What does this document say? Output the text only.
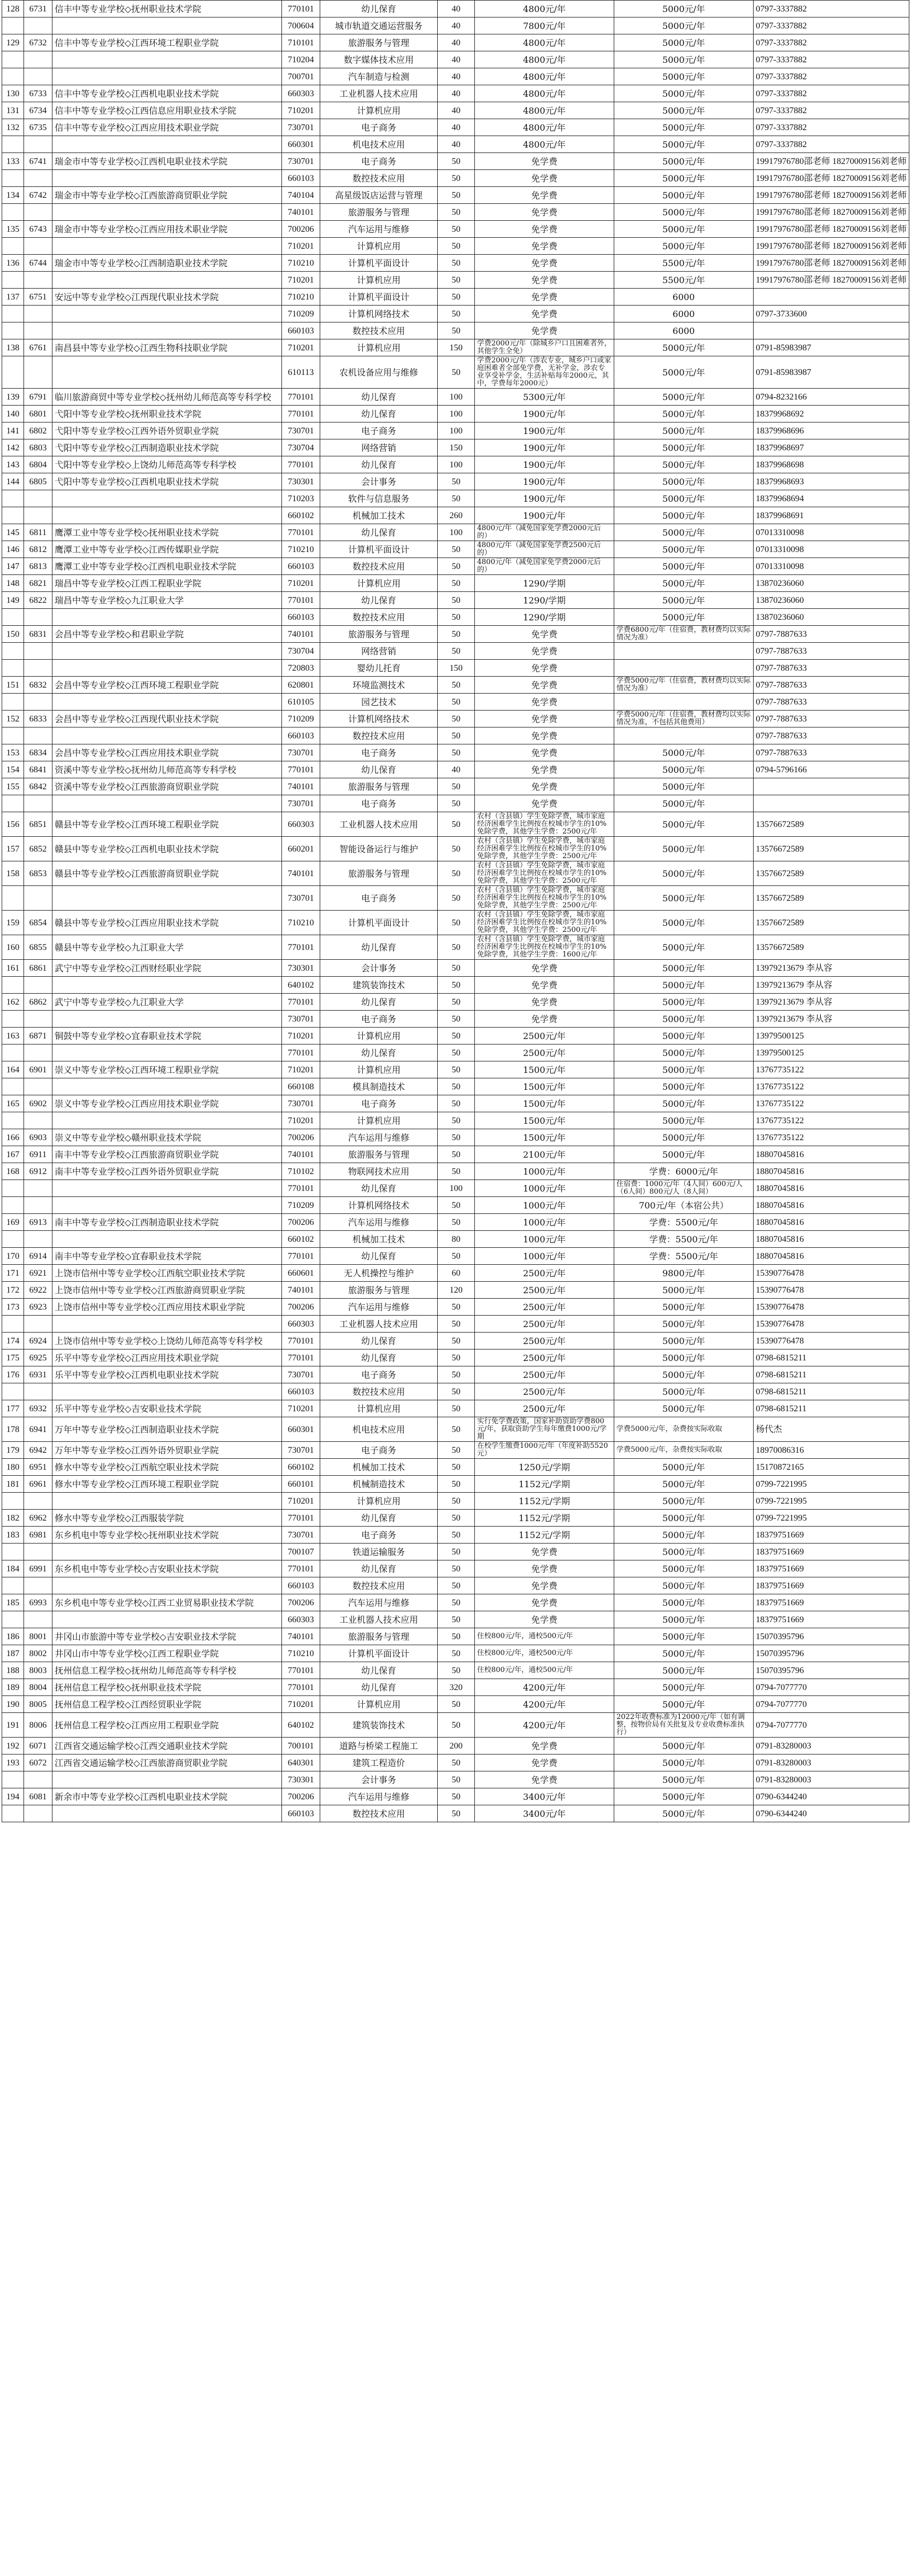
128	6731	信丰中等专业学校◇抚州职业技术学院	770101	幼儿保育	40	4800元/年	5000元/年	0797-3337882
			700604	城市轨道交通运营服务	40	7800元/年	5000元/年	0797-3337882
129	6732	信丰中等专业学校◇江西环境工程职业学院	710101	旅游服务与管理	40	4800元/年	5000元/年	0797-3337882
			710204	数字媒体技术应用	40	4800元/年	5000元/年	0797-3337882
			700701	汽车制造与检测	40	4800元/年	5000元/年	0797-3337882
130	6733	信丰中等专业学校◇江西机电职业技术学院	660303	工业机器人技术应用	40	4800元/年	5000元/年	0797-3337882
131	6734	信丰中等专业学校◇江西信息应用职业技术学院	710201	计算机应用	40	4800元/年	5000元/年	0797-3337882
132	6735	信丰中等专业学校◇江西应用技术职业学院	730701	电子商务	40	4800元/年	5000元/年	0797-3337882
			660301	机电技术应用	40	4800元/年	5000元/年	0797-3337882
133	6741	瑞金市中等专业学校◇江西机电职业技术学院	730701	电子商务	50	免学费	5000元/年	19917976780邵老师 18270009156刘老师
			660103	数控技术应用	50	免学费	5000元/年	19917976780邵老师 18270009156刘老师
134	6742	瑞金市中等专业学校◇江西旅游商贸职业学院	740104	高星级饭店运营与管理	50	免学费	5000元/年	19917976780邵老师 18270009156刘老师
			740101	旅游服务与管理	50	免学费	5000元/年	19917976780邵老师 18270009156刘老师
135	6743	瑞金市中等专业学校◇江西应用技术职业学院	700206	汽车运用与维修	50	免学费	5000元/年	19917976780邵老师 18270009156刘老师
			710201	计算机应用	50	免学费	5000元/年	19917976780邵老师 18270009156刘老师
136	6744	瑞金市中等专业学校◇江西制造职业技术学院	710210	计算机平面设计	50	免学费	5500元/年	19917976780邵老师 18270009156刘老师
			710201	计算机应用	50	免学费	5500元/年	19917976780邵老师 18270009156刘老师
137	6751	安远中等专业学校◇江西现代职业技术学院	710210	计算机平面设计	50	免学费	6000	
			710209	计算机网络技术	50	免学费	6000	0797-3733600
			660103	数控技术应用	50	免学费	6000	
138	6761	南昌县中等专业学校◇江西生物科技职业学院	710201	计算机应用	150	学费2000元/年（除城乡户口且困难者外，其他学生全免）	5000元/年	0791-85983987
			610113	农机设备应用与维修	50	学费2000元/年（涉农专业，城乡户口或家庭困难者全部免学费，无补学金，涉农专业享受补学金，生活补贴每年2000元，其中，学费每年2000元）	5000元/年	0791-85983987
139	6791	临川旅游商贸中等专业学校◇抚州幼儿师范高等专科学校	770101	幼儿保育	100	5300元/年	5000元/年	0794-8232166
140	6801	弋阳中等专业学校◇抚州职业技术学院	770101	幼儿保育	100	1900元/年	5000元/年	18379968692
141	6802	弋阳中等专业学校◇江西外语外贸职业学院	730701	电子商务	100	1900元/年	5000元/年	18379968696
142	6803	弋阳中等专业学校◇江西制造职业技术学院	730704	网络营销	150	1900元/年	5000元/年	18379968697
143	6804	弋阳中等专业学校◇上饶幼儿师范高等专科学校	770101	幼儿保育	100	1900元/年	5000元/年	18379968698
144	6805	弋阳中等专业学校◇江西机电职业技术学院	730301	会计事务	50	1900元/年	5000元/年	18379968693
			710203	软件与信息服务	50	1900元/年	5000元/年	18379968694
			660102	机械加工技术	260	1900元/年	5000元/年	18379968691
145	6811	鹰潭工业中等专业学校◇抚州职业技术学院	770101	幼儿保育	100	4800元/年（减免国家免学费2000元后的）	5000元/年	07013310098
146	6812	鹰潭工业中等专业学校◇江西传媒职业学院	710210	计算机平面设计	50	4800元/年（减免国家免学费2500元后的）	5000元/年	07013310098
147	6813	鹰潭工业中等专业学校◇江西机电职业技术学院	660103	数控技术应用	50	4800元/年（减免国家免学费2000元后的）	5000元/年	07013310098
148	6821	瑞昌中等专业学校◇江西工程职业学院	710201	计算机应用	50	1290/学期	5000元/年	13870236060
149	6822	瑞昌中等专业学校◇九江职业大学	770101	幼儿保育	50	1290/学期	5000元/年	13870236060
			660103	数控技术应用	50	1290/学期	5000元/年	13870236060
150	6831	会昌中等专业学校◇和君职业学院	740101	旅游服务与管理	50	免学费	学费6800元/年（住宿费，教材费均以实际情况为准）	0797-7887633
			730704	网络营销	50	免学费		0797-7887633
			720803	婴幼儿托育	150	免学费		0797-7887633
151	6832	会昌中等专业学校◇江西环境工程职业学院	620801	环境监测技术	50	免学费	学费5000元/年（住宿费，教材费均以实际情况为准）	0797-7887633
			610105	园艺技术	50	免学费		0797-7887633
152	6833	会昌中等专业学校◇江西现代职业技术学院	710209	计算机网络技术	50	免学费	学费5000元/年（住宿费，教材费均以实际情况为准，不包括其他费用）	0797-7887633
			660103	数控技术应用	50	免学费		0797-7887633
153	6834	会昌中等专业学校◇江西应用技术职业学院	730701	电子商务	50	免学费	5000元/年	0797-7887633
154	6841	资溪中等专业学校◇抚州幼儿师范高等专科学校	770101	幼儿保育	40	免学费	5000元/年	0794-5796166
155	6842	资溪中等专业学校◇江西旅游商贸职业学院	740101	旅游服务与管理	50	免学费	5000元/年	
			730701	电子商务	50	免学费	5000元/年	
156	6851	赣县中等专业学校◇江西环境工程职业学院	660303	工业机器人技术应用	50	农村（含县镇）学生免除学费，城市家庭经济困难学生比例按在校城市学生的10%免除学费，其他学生学费：2500元/年	5000元/年	13576672589
157	6852	赣县中等专业学校◇江西机电职业技术学院	660201	智能设备运行与维护	50	农村（含县镇）学生免除学费，城市家庭经济困难学生比例按在校城市学生的10%免除学费，其他学生学费：2500元/年	5000元/年	13576672589
158	6853	赣县中等专业学校◇江西旅游商贸职业学院	740101	旅游服务与管理	50	农村（含县镇）学生免除学费，城市家庭经济困难学生比例按在校城市学生的10%免除学费，其他学生学费：2500元/年	5000元/年	13576672589
			730701	电子商务	50	农村（含县镇）学生免除学费，城市家庭经济困难学生比例按在校城市学生的10%免除学费，其他学生学费：2500元/年	5000元/年	13576672589
159	6854	赣县中等专业学校◇江西应用职业技术学院	710210	计算机平面设计	50	农村（含县镇）学生免除学费，城市家庭经济困难学生比例按在校城市学生的10%免除学费，其他学生学费：2500元/年	5000元/年	13576672589
160	6855	赣县中等专业学校◇九江职业大学	770101	幼儿保育	50	农村（含县镇）学生免除学费，城市家庭经济困难学生比例按在校城市学生的10%免除学费，其他学生学费：1600元/年	5000元/年	13576672589
161	6861	武宁中等专业学校◇江西财经职业学院	730301	会计事务	50	免学费	5000元/年	13979213679 李从容
			640102	建筑装饰技术	50	免学费	5000元/年	13979213679 李从容
162	6862	武宁中等专业学校◇九江职业大学	770101	幼儿保育	50	免学费	5000元/年	13979213679 李从容
			730701	电子商务	50	免学费	5000元/年	13979213679 李从容
163	6871	铜鼓中等专业学校◇宜春职业技术学院	710201	计算机应用	50	2500元/年	5000元/年	13979500125
			770101	幼儿保育	50	2500元/年	5000元/年	13979500125
164	6901	崇义中等专业学校◇江西环境工程职业学院	710201	计算机应用	50	1500元/年	5000元/年	13767735122
			660108	模具制造技术	50	1500元/年	5000元/年	13767735122
165	6902	崇义中等专业学校◇江西应用技术职业学院	730701	电子商务	50	1500元/年	5000元/年	13767735122
			710201	计算机应用	50	1500元/年	5000元/年	13767735122
166	6903	崇义中等专业学校◇赣州职业技术学院	700206	汽车运用与维修	50	1500元/年	5000元/年	13767735122
167	6911	南丰中等专业学校◇江西旅游商贸职业学院	740101	旅游服务与管理	50	2100元/年	5000元/年	18807045816
168	6912	南丰中等专业学校◇江西外语外贸职业学院	710102	物联网技术应用	50	1000元/年	学费：6000元/年	18807045816
			770101	幼儿保育	100	1000元/年	住宿费：1000元/年（4人间）600元/人（6人间）800元/人（8人间）	18807045816
			710209	计算机网络技术	50	1000元/年	700元/年（本宿公共）	18807045816
169	6913	南丰中等专业学校◇江西制造职业技术学院	700206	汽车运用与维修	50	1000元/年	学费：5500元/年	18807045816
			660102	机械加工技术	80	1000元/年	学费：5500元/年	18807045816
170	6914	南丰中等专业学校◇宜春职业技术学院	770101	幼儿保育	50	1000元/年	学费：5500元/年	18807045816
171	6921	上饶市信州中等专业学校◇江西航空职业技术学院	660601	无人机操控与维护	60	2500元/年	9800元/年	15390776478
172	6922	上饶市信州中等专业学校◇江西旅游商贸职业学院	740101	旅游服务与管理	120	2500元/年	5000元/年	15390776478
173	6923	上饶市信州中等专业学校◇江西应用技术职业学院	700206	汽车运用与维修	50	2500元/年	5000元/年	15390776478
			660303	工业机器人技术应用	50	2500元/年	5000元/年	15390776478
174	6924	上饶市信州中等专业学校◇上饶幼儿师范高等专科学校	770101	幼儿保育	50	2500元/年	5000元/年	15390776478
175	6925	乐平中等专业学校◇江西应用技术职业学院	770101	幼儿保育	50	2500元/年	5000元/年	0798-6815211
176	6931	乐平中等专业学校◇江西机电职业技术学院	730701	电子商务	50	2500元/年	5000元/年	0798-6815211
			660103	数控技术应用	50	2500元/年	5000元/年	0798-6815211
177	6932	乐平中等专业学校◇吉安职业技术学院	710201	计算机应用	50	2500元/年	5000元/年	0798-6815211
178	6941	万年中等专业学校◇江西制造职业技术学院	660301	机电技术应用	50	实行免学费政策，国家补助资助学费800元/年，获取资助学生每年缴费1000元/学期	学费5000元/年，杂费按实际收取	杨代杰
179	6942	万年中等专业学校◇江西外语外贸职业学院	730701	电子商务	50	在校学生缴费1000元/年（年度补助5520元）	学费5000元/年，杂费按实际收取	18970086316
180	6951	修水中等专业学校◇江西航空职业技术学院	660102	机械加工技术	50	1250元/学期	5000元/年	15170872165
181	6961	修水中等专业学校◇江西环境工程职业学院	660101	机械制造技术	50	1152元/学期	5000元/年	0799-7221995
			710201	计算机应用	50	1152元/学期	5000元/年	0799-7221995
182	6962	修水中等专业学校◇江西服装学院	770101	幼儿保育	50	1152元/学期	5000元/年	0799-7221995
183	6981	东乡机电中等专业学校◇抚州职业技术学院	730701	电子商务	50	1152元/学期	5000元/年	18379751669
			700107	铁道运输服务	50	免学费	5000元/年	18379751669
184	6991	东乡机电中等专业学校◇吉安职业技术学院	770101	幼儿保育	50	免学费	5000元/年	18379751669
			660103	数控技术应用	50	免学费	5000元/年	18379751669
185	6993	东乡机电中等专业学校◇江西工业贸易职业技术学院	700206	汽车运用与维修	50	免学费	5000元/年	18379751669
			660303	工业机器人技术应用	50	免学费	5000元/年	18379751669
186	8001	井冈山市旅游中等专业学校◇吉安职业技术学院	740101	旅游服务与管理	50	住校800元/年，通校500元/年	5000元/年	15070395796
187	8002	井冈山市中等专业学校◇江西工程职业学院	710210	计算机平面设计	50	住校800元/年，通校500元/年	5000元/年	15070395796
188	8003	抚州信息工程学校◇抚州幼儿师范高等专科学校	770101	幼儿保育	50	住校800元/年，通校500元/年	5000元/年	15070395796
189	8004	抚州信息工程学校◇抚州职业技术学院	770101	幼儿保育	320	4200元/年	5000元/年	0794-7077770
190	8005	抚州信息工程学校◇江西经贸职业学院	710201	计算机应用	50	4200元/年	5000元/年	0794-7077770
191	8006	抚州信息工程学校◇江西应用工程职业学院	640102	建筑装饰技术	50	4200元/年	2022年收费标准为12000元/年（如有调整，按物价局有关批复及专业收费标准执行）	0794-7077770
192	6071	江西省交通运输学校◇江西交通职业技术学院	700101	道路与桥梁工程施工	200	免学费	5000元/年	0791-83280003
193	6072	江西省交通运输学校◇江西旅游商贸职业学院	640301	建筑工程造价	50	免学费	5000元/年	0791-83280003
			730301	会计事务	50	免学费	5000元/年	0791-83280003
194	6081	新余市中等专业学校◇江西机电职业技术学院	700206	汽车运用与维修	50	3400元/年	5000元/年	0790-6344240
			660103	数控技术应用	50	3400元/年	5000元/年	0790-6344240
